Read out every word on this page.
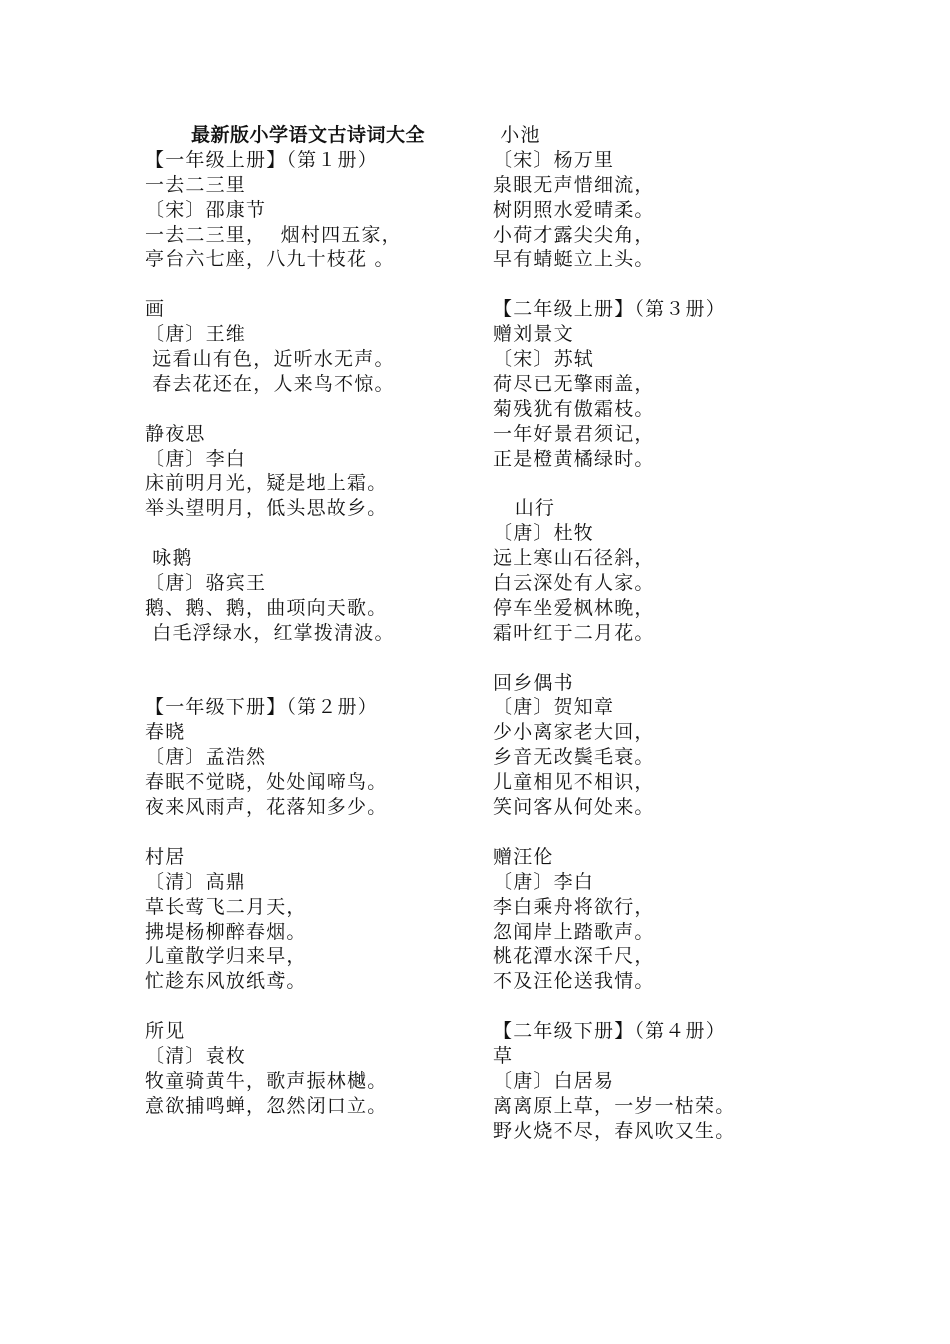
最新版小学语文古诗词大全
【一年级上册】（第１册）
一去二三里
〔宋〕邵康节
一去二三里，  烟村四五家，
亭台六七座，八九十枝花 。
画
〔唐〕王维
远看山有色，近听水无声。
春去花还在，人来鸟不惊。
静夜思
〔唐〕李白
床前明月光，疑是地上霜。
举头望明月，低头思故乡。
咏鹅
〔唐〕骆宾王
鹅、鹅、鹅，曲项向天歌。
白毛浮绿水，红掌拨清波。
【一年级下册】（第２册）
春晓
〔唐〕孟浩然
春眠不觉晓，处处闻啼鸟。
夜来风雨声，花落知多少。
村居
〔清〕高鼎
草长莺飞二月天，
拂堤杨柳醉春烟。
儿童散学归来早，
忙趁东风放纸鸢。
所见
〔清〕袁枚
牧童骑黄牛，歌声振林樾。
意欲捕鸣蝉，忽然闭口立。
小池
〔宋〕杨万里
泉眼无声惜细流，
树阴照水爱晴柔。
小荷才露尖尖角，
早有蜻蜓立上头。
【二年级上册】（第３册）
赠刘景文
〔宋〕苏轼
荷尽已无擎雨盖，
菊残犹有傲霜枝。
一年好景君须记，
正是橙黄橘绿时。
山行
〔唐〕杜牧
远上寒山石径斜，
白云深处有人家。
停车坐爱枫林晚，
霜叶红于二月花。
回乡偶书
〔唐〕贺知章
少小离家老大回，
乡音无改鬓毛衰。
儿童相见不相识，
笑问客从何处来。
赠汪伦
〔唐〕李白
李白乘舟将欲行，
忽闻岸上踏歌声。
桃花潭水深千尺，
不及汪伦送我情。
【二年级下册】（第４册）
草
〔唐〕白居易
离离原上草，一岁一枯荣。
野火烧不尽，春风吹又生。
